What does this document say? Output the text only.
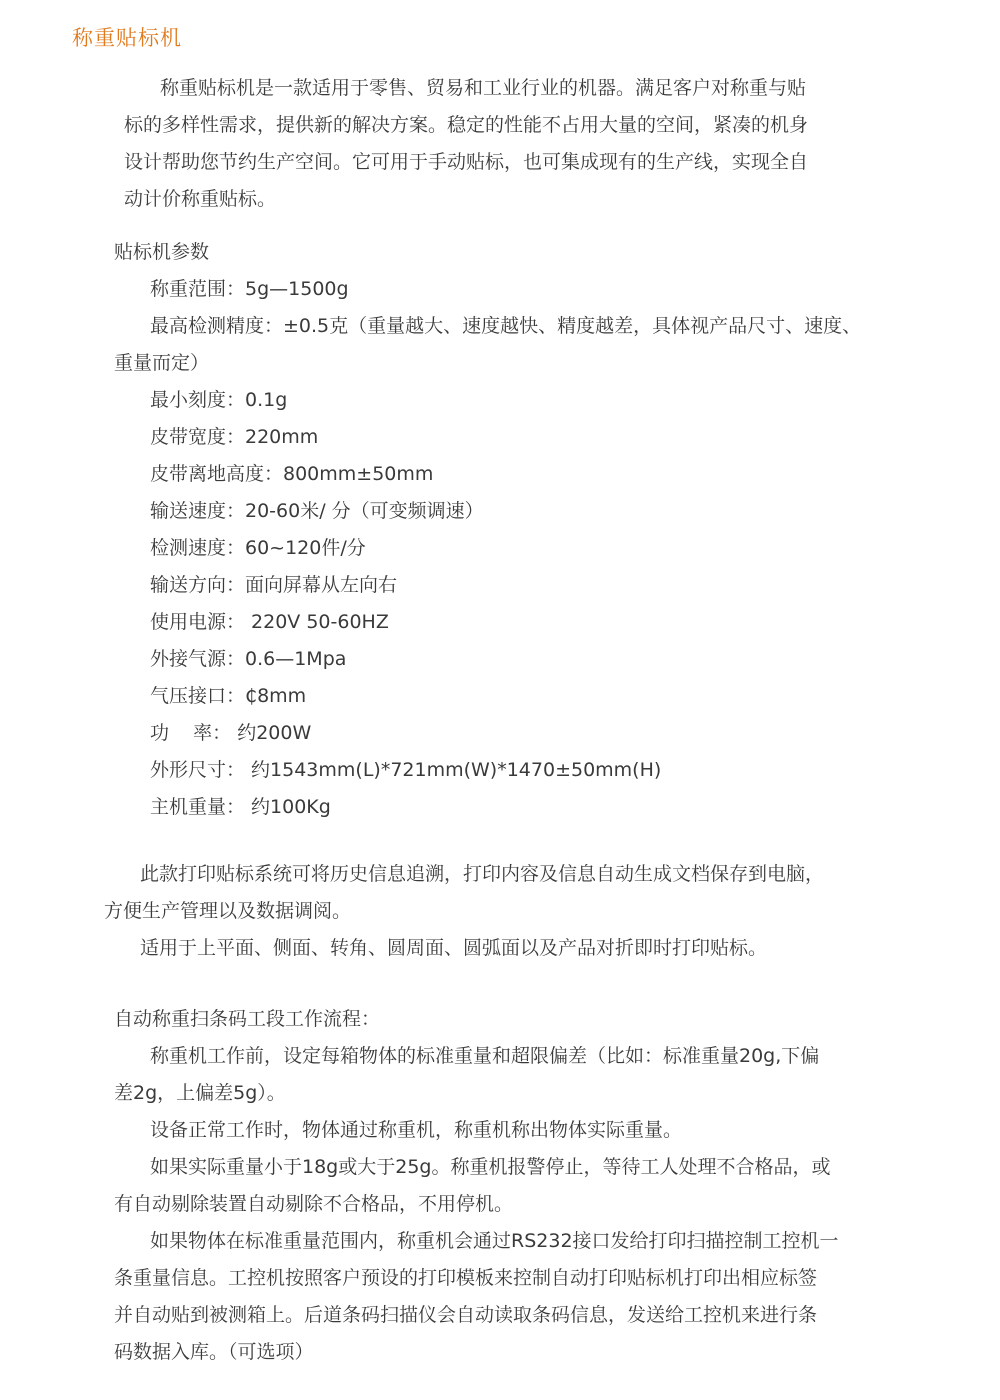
称重贴标机
称重贴标机是一款适用于零售、贸易和工业行业的机器。满足客户对称重与贴
标的多样性需求，提供新的解决方案。稳定的性能不占用大量的空间，紧凑的机身
设计帮助您节约生产空间。它可用于手动贴标，也可集成现有的生产线，实现全自
动计价称重贴标。
贴标机参数
称重范围：5g—1500g
最高检测精度：±0.5克（重量越大、速度越快、精度越差，具体视产品尺寸、速度、
重量而定）
最小刻度：0.1g
皮带宽度：220mm
皮带离地高度：800mm±50mm
输送速度：20-60米/ 分（可变频调速）
检测速度：60~120件/分
输送方向：面向屏幕从左向右
使用电源： 220V 50-60HZ
外接气源：0.6—1Mpa
气压接口：₵8mm
功    率： 约200W
外形尺寸： 约1543mm(L)*721mm(W)*1470±50mm(H)
主机重量： 约100Kg
此款打印贴标系统可将历史信息追溯，打印内容及信息自动生成文档保存到电脑，
方便生产管理以及数据调阅。
适用于上平面、侧面、转角、圆周面、圆弧面以及产品对折即时打印贴标。
自动称重扫条码工段工作流程：
称重机工作前，设定每箱物体的标准重量和超限偏差（比如：标准重量20g,下偏
差2g，上偏差5g）。
设备正常工作时，物体通过称重机，称重机称出物体实际重量。
如果实际重量小于18g或大于25g。称重机报警停止，等待工人处理不合格品，或
有自动剔除装置自动剔除不合格品，不用停机。
如果物体在标准重量范围内，称重机会通过RS232接口发给打印扫描控制工控机一
条重量信息。工控机按照客户预设的打印模板来控制自动打印贴标机打印出相应标签
并自动贴到被测箱上。后道条码扫描仪会自动读取条码信息，发送给工控机来进行条
码数据入库。（可选项）
